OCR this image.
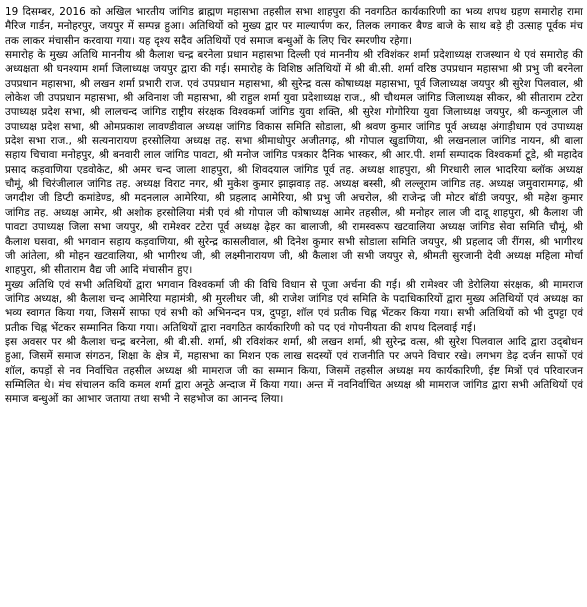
19 दिसम्बर, 2016 को अखिल भारतीय जांगिड ब्राह्मण महासभा तहसील सभा शाहपुरा की नवगठित कार्यकारिणी का भव्य शपथ ग्रहण समारोह रामा मैरिज गार्डन, मनोहरपुर, जयपुर में सम्पन्न हुआ। अतिथियों को मुख्य द्वार पर माल्यार्पण कर, तिलक लगाकर बैण्ड बाजे के साथ बड़े ही उत्साह पूर्वक मंच तक लाकर मंचासीन करवाया गया। यह दृश्य सदैव अतिथियों एवं समाज बन्धुओं के लिए चिर स्मरणीय रहेगा।

समारोह के मुख्य अतिथि माननीय श्री कैलाश चन्द्र बरनेला प्रधान महासभा दिल्ली एवं माननीय श्री रविशंकर शर्मा प्रदेशाध्यक्ष राजस्थान थे एवं समारोह की अध्यक्षता श्री घनश्याम शर्मा जिलाध्यक्ष जयपुर द्वारा की गई। समारोह के विशिष्ठ अतिथियों में श्री बी.सी. शर्मा वरिष्ठ उपप्रधान महासभा श्री प्रभु जी बरनेला उपप्रधान महासभा, श्री लखन शर्मा प्रभारी राज. एवं उपप्रधान महासभा, श्री सुरेन्द्र वत्स कोषाध्यक्ष महासभा, पूर्व जिलाध्यक्ष जयपुर श्री सुरेश पिलवाल, श्री लोकेश जी उपप्रधान महासभा, श्री अविनाश जी महासभा, श्री राहुल शर्मा युवा प्रदेशाध्यक्ष राज., श्री चौथमल जांगिड जिलाध्यक्ष सीकर, श्री सीताराम टटेरा उपाध्यक्ष प्रदेश सभा, श्री लालचन्द जांगिड राष्ट्रीय संरक्षक विश्वकर्मा जांगिड युवा शक्ति, श्री सुरेश गोगोरिया युवा जिलाध्यक्ष जयपुर, श्री कन्जूलाल जी उपाध्यक्ष प्रदेश सभा, श्री ओमप्रकाश लावण्डीवाल अध्यक्ष जांगिड विकास समिति सोडाला, श्री श्रवण कुमार जांगिड पूर्व अध्यक्ष अंगाड़ीधाम एवं उपाध्यक्ष प्रदेश सभा राज., श्री सत्यनारायण हरसोलिया अध्यक्ष तह. सभा श्रीमाधोपुर अजीतगढ़, श्री गोपाल खुडाणिया, श्री लखनलाल जांगिड नायन, श्री बाला सहाय चिचावा मनोहपुर, श्री बनवारी लाल जांगिड पावटा, श्री मनोज जांगिड पत्रकार दैनिक भास्कर, श्री आर.पी. शर्मा सम्पादक विश्वकर्मा टूडे, श्री महादेव प्रसाद कड़वाणिया एडवोकेट, श्री अमर चन्द जाला शाहपुरा, श्री शिवदयाल जांगिड पूर्व तह. अध्यक्ष शाहपुरा, श्री गिरधारी लाल भादरिया ब्लॉक अध्यक्ष चौमूं, श्री चिरंजीलाल जांगिड तह. अध्यक्ष विराट नगर, श्री मुकेश कुमार झाझवाड़ तह. अध्यक्ष बस्सी, श्री लल्लूराम जांगिड तह. अध्यक्ष जमुवारामगढ़, श्री जगदीश जी डिप्टी कमांडेण्ड, श्री मदनलाल आमेरिया, श्री प्रहलाद आमेरिया, श्री प्रभु जी अचरोल, श्री राजेन्द्र जी मोटर बॉडी जयपुर, श्री महेश कुमार जांगिड तह. अध्यक्ष आमेर, श्री अशोक हरसोलिया मंत्री एवं श्री गोपाल जी कोषाध्यक्ष आमेर तहसील, श्री मनोहर लाल जी दादू शाहपुरा, श्री कैलाश जी पावटा उपाध्यक्ष जिला सभा जयपुर, श्री रामेश्वर टटेरा पूर्व अध्यक्ष ढ़ेहर का बालाजी, श्री रामस्वरूप खटवालिया अध्यक्ष जांगिड सेवा समिति चौमूं, श्री कैलाश घसवा, श्री भगवान सहाय कड़वाणिया, श्री सुरेन्द्र कासलीवाल, श्री दिनेश कुमार सभी सोडाला समिति जयपुर, श्री प्रहलाद जी रींगस, श्री भागीरथ जी आंतेला, श्री मोहन खटवालिया, श्री भागीरथ जी, श्री लक्ष्मीनारायण जी, श्री कैलाश जी सभी जयपुर से, श्रीमती सुरजानी देवी अध्यक्ष महिला मोर्चा शाहपुरा, श्री सीताराम वैद्य जी आदि मंचासीन हुए।

मुख्य अतिथि एवं सभी अतिथियों द्वारा भगवान विश्वकर्मा जी की विधि विधान से पूजा अर्चना की गई। श्री रामेश्वर जी डेरोलिया संरक्षक, श्री मामराज जांगिड अध्यक्ष, श्री कैलाश चन्द आमेरिया महामंत्री, श्री मुरलीधर जी, श्री राजेश जांगिड एवं समिति के पदाधिकारियों द्वारा मुख्य अतिथियों एवं अध्यक्ष का भव्य स्वागत किया गया, जिसमें साफा एवं सभी को अभिनन्दन पत्र, दुपट्टा, शॉल एवं प्रतीक चिह्न भेंटकर किया गया। सभी अतिथियों को भी दुपट्टा एवं प्रतीक चिह्न भेंटकर सम्मानित किया गया। अतिथियों द्वारा नवगठित कार्यकारिणी को पद एवं गोपनीयता की शपथ दिलवाई गई।

इस अवसर पर श्री कैलाश चन्द्र बरनेला, श्री बी.सी. शर्मा, श्री रविशंकर शर्मा, श्री लखन शर्मा, श्री सुरेन्द्र वत्स, श्री सुरेश पिलवाल आदि द्वारा उद्‌बोधन हुआ, जिसमें समाज संगठन, शिक्षा के क्षेत्र में, महासभा का मिशन एक लाख सदस्यों एवं राजनीति पर अपने विचार रखे। लगभग डेढ़ दर्जन साफों एवं शॉल, कपड़ों से नव निर्वाचित तहसील अध्यक्ष श्री मामराज जी का सम्मान किया, जिसमें तहसील अध्यक्ष मय कार्यकारिणी, ईष्ट मित्रों एवं परिवारजन सम्मिलित थे। मंच संचालन कवि कमल शर्मा द्वारा अनूठे अन्दाज में किया गया। अन्त में नवनिर्वाचित अध्यक्ष श्री मामराज जांगिड द्वारा सभी अतिथियों एवं समाज बन्धुओं का आभार जताया तथा सभी ने सहभोज का आनन्द लिया।
